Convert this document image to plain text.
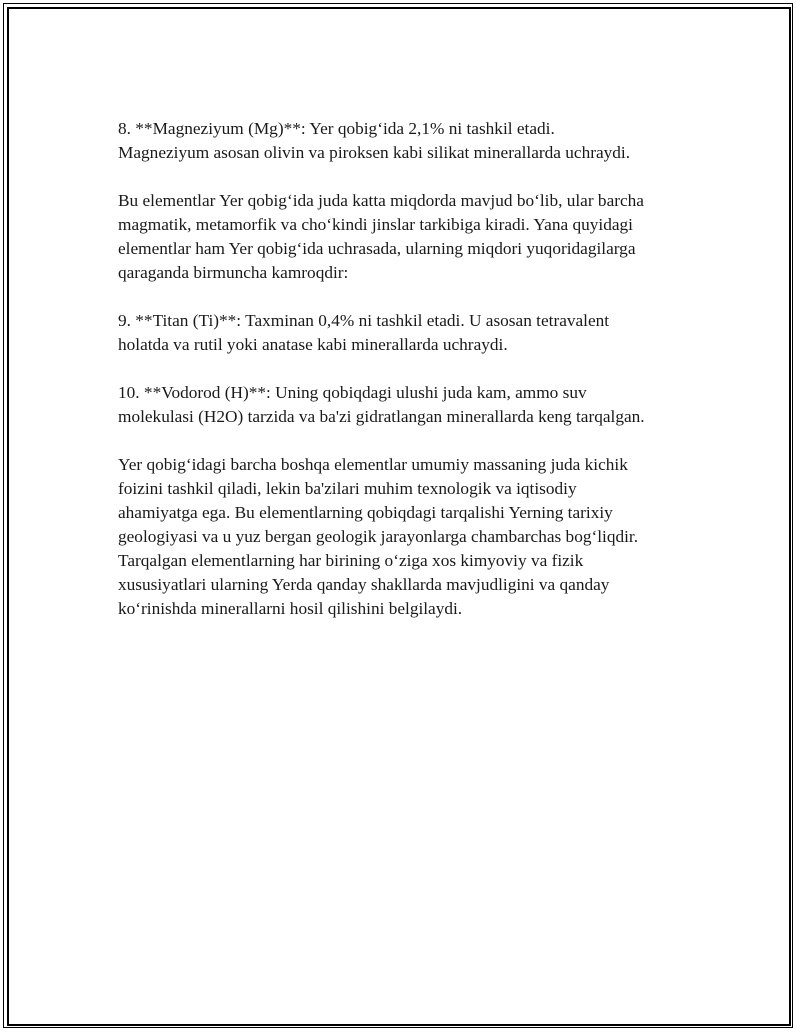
8. **Magneziyum (Mg)**: Yer qobig‘ida 2,1% ni tashkil etadi.
Magneziyum asosan olivin va piroksen kabi silikat minerallarda uchraydi.

Bu elementlar Yer qobig‘ida juda katta miqdorda mavjud bo‘lib, ular barcha
magmatik, metamorfik va cho‘kindi jinslar tarkibiga kiradi. Yana quyidagi
elementlar ham Yer qobig‘ida uchrasada, ularning miqdori yuqoridagilarga
qaraganda birmuncha kamroqdir:

9. **Titan (Ti)**: Taxminan 0,4% ni tashkil etadi. U asosan tetravalent
holatda va rutil yoki anatase kabi minerallarda uchraydi.

10. **Vodorod (H)**: Uning qobiqdagi ulushi juda kam, ammo suv
molekulasi (H2O) tarzida va ba'zi gidratlangan minerallarda keng tarqalgan.

Yer qobig‘idagi barcha boshqa elementlar umumiy massaning juda kichik
foizini tashkil qiladi, lekin ba'zilari muhim texnologik va iqtisodiy
ahamiyatga ega. Bu elementlarning qobiqdagi tarqalishi Yerning tarixiy
geologiyasi va u yuz bergan geologik jarayonlarga chambarchas bog‘liqdir.
Tarqalgan elementlarning har birining o‘ziga xos kimyoviy va fizik
xususiyatlari ularning Yerda qanday shakllarda mavjudligini va qanday
ko‘rinishda minerallarni hosil qilishini belgilaydi.
